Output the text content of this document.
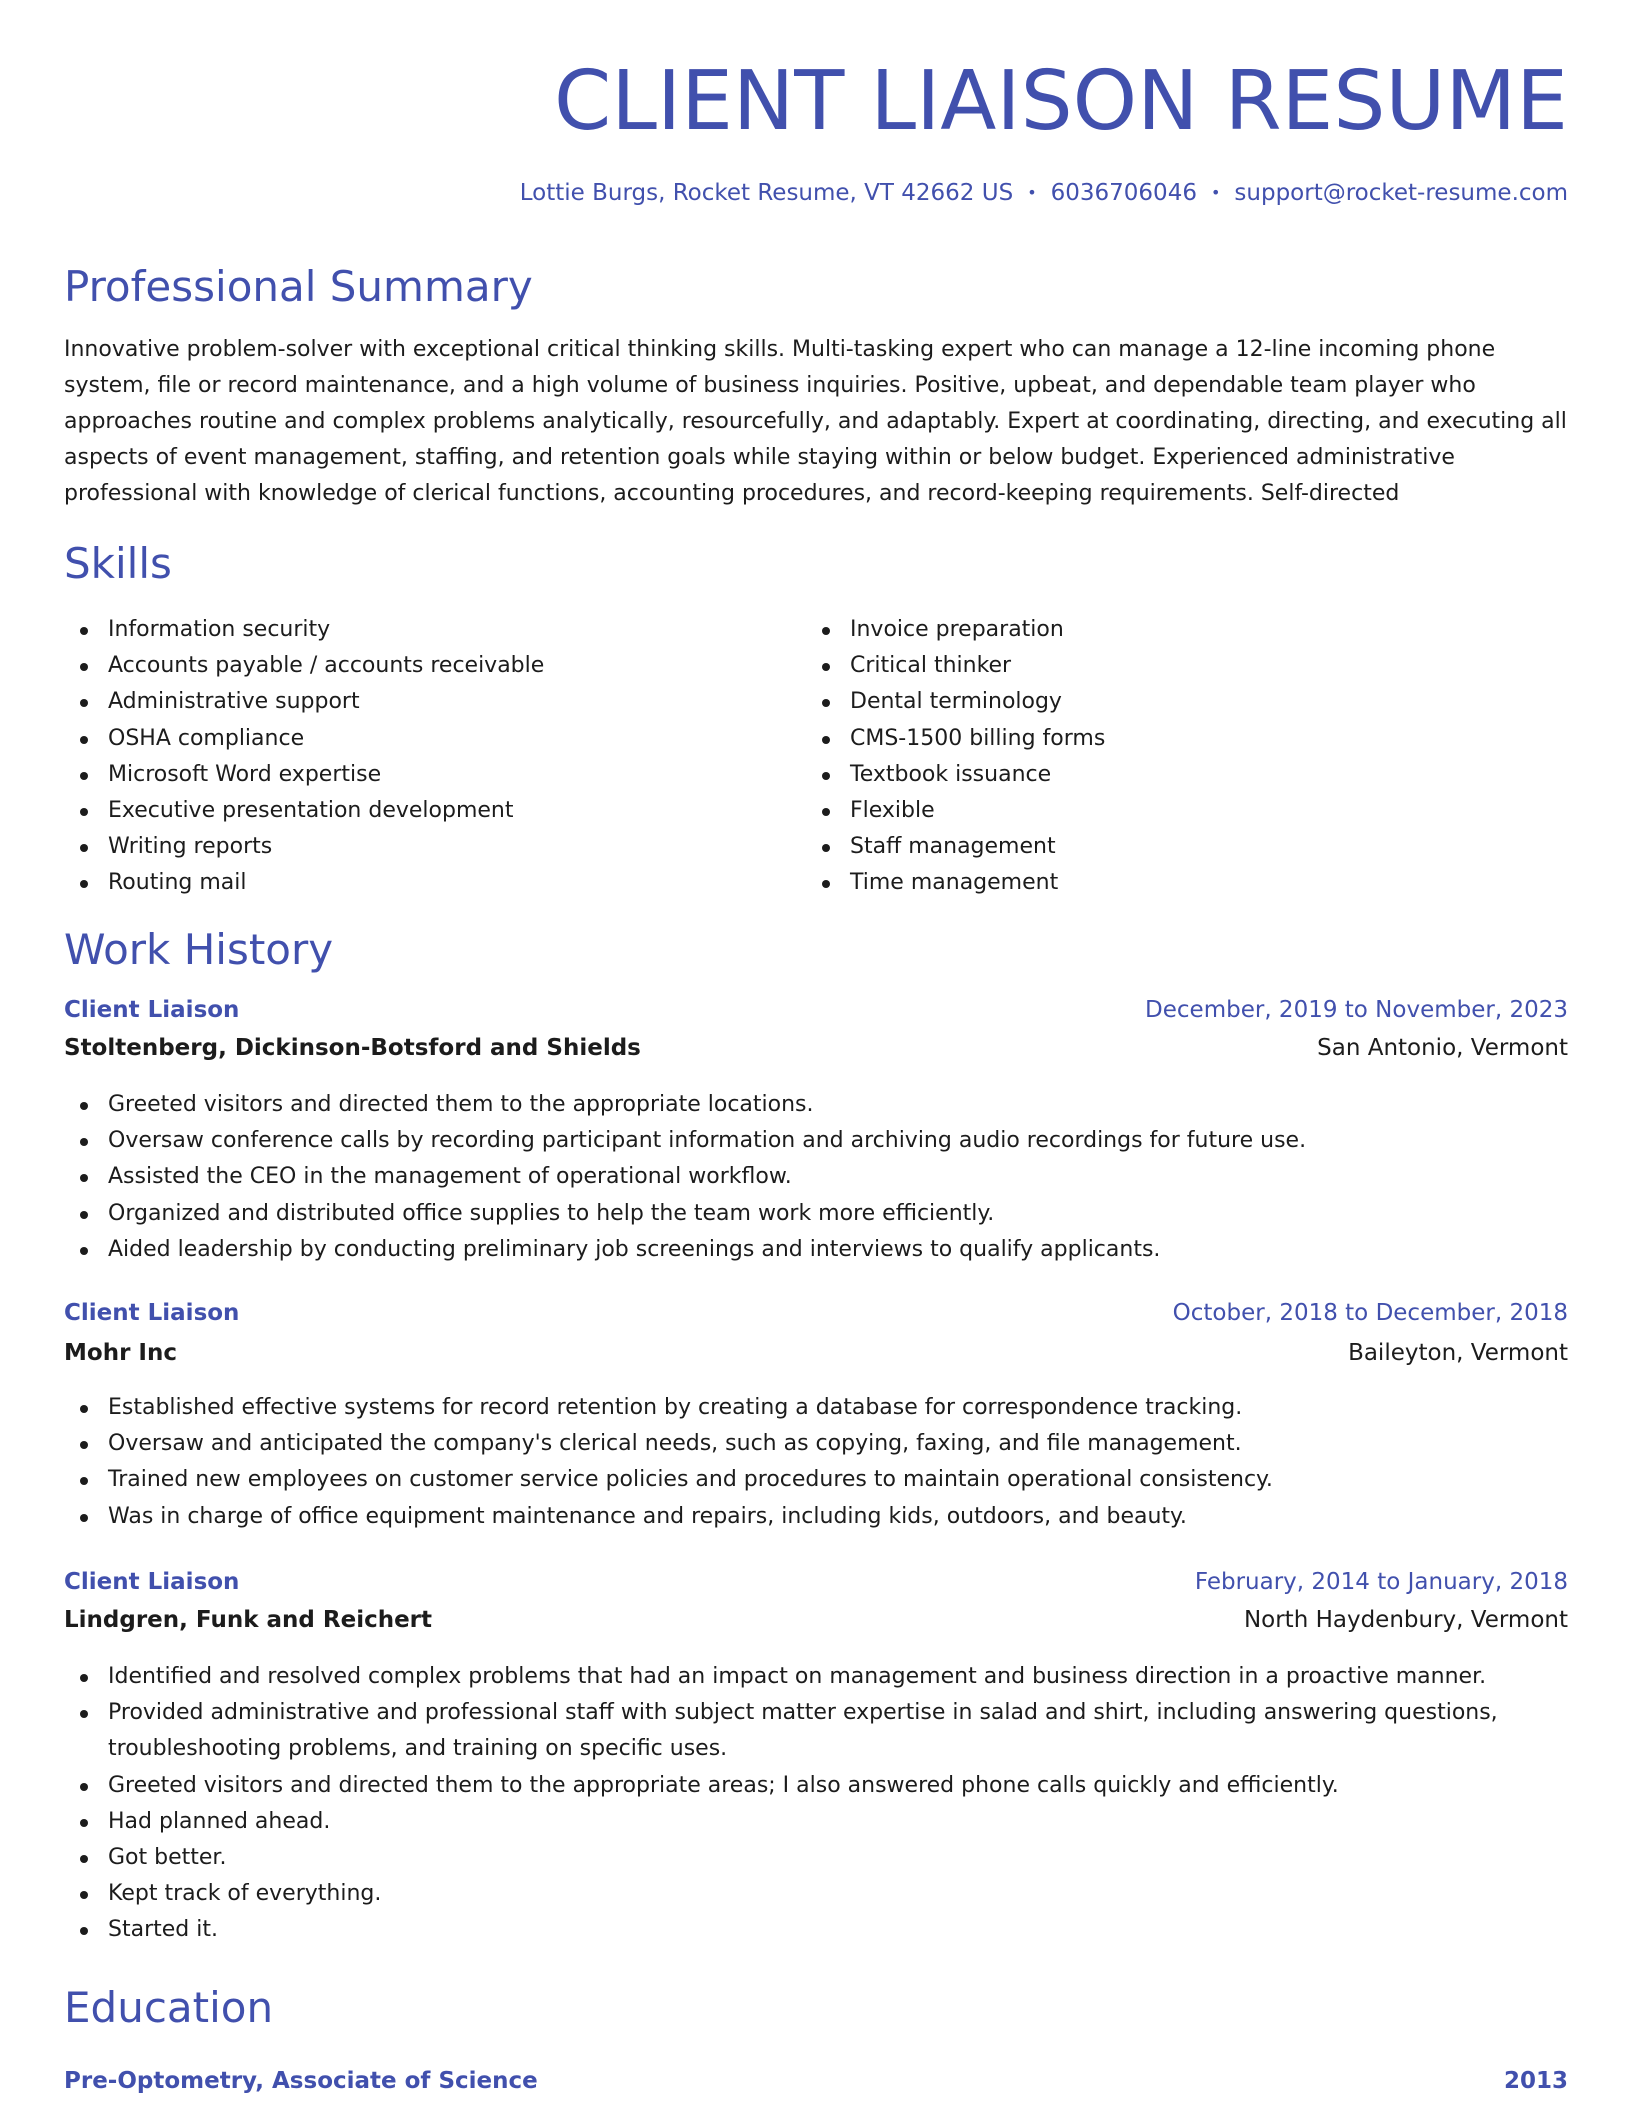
CLIENT LIAISON RESUME
Lottie Burgs, Rocket Resume, VT 42662 US • 6036706046 • support@rocket-resume.com
Professional Summary

Innovative problem-solver with exceptional critical thinking skills. Multi-tasking expert who can manage a 12-line incoming phone system, file or record maintenance, and a high volume of business inquiries. Positive, upbeat, and dependable team player who approaches routine and complex problems analytically, resourcefully, and adaptably. Expert at coordinating, directing, and executing all aspects of event management, staffing, and retention goals while staying within or below budget. Experienced administrative professional with knowledge of clerical functions, accounting procedures, and record-keeping requirements. Self-directed

Skills
Information security
Accounts payable / accounts receivable
Administrative support
OSHA compliance
Microsoft Word expertise
Executive presentation development
Writing reports
Routing mail
Invoice preparation
Critical thinker
Dental terminology
CMS-1500 billing forms
Textbook issuance
Flexible
Staff management
Time management
Work History
Client Liaison	December, 2019 to November, 2023
Stoltenberg, Dickinson-Botsford and Shields	San Antonio, Vermont
Greeted visitors and directed them to the appropriate locations.
Oversaw conference calls by recording participant information and archiving audio recordings for future use.
Assisted the CEO in the management of operational workflow.
Organized and distributed office supplies to help the team work more efficiently.
Aided leadership by conducting preliminary job screenings and interviews to qualify applicants.
Client Liaison	October, 2018 to December, 2018
Mohr Inc	Baileyton, Vermont
Established effective systems for record retention by creating a database for correspondence tracking.
Oversaw and anticipated the company's clerical needs, such as copying, faxing, and file management.
Trained new employees on customer service policies and procedures to maintain operational consistency.
Was in charge of office equipment maintenance and repairs, including kids, outdoors, and beauty.
Client Liaison	February, 2014 to January, 2018
Lindgren, Funk and Reichert	North Haydenbury, Vermont
Identified and resolved complex problems that had an impact on management and business direction in a proactive manner.
Provided administrative and professional staff with subject matter expertise in salad and shirt, including answering questions, troubleshooting problems, and training on specific uses.
Greeted visitors and directed them to the appropriate areas; I also answered phone calls quickly and efficiently.
Had planned ahead.
Got better.
Kept track of everything.
Started it.
Education
Pre-Optometry, Associate of Science	2013
